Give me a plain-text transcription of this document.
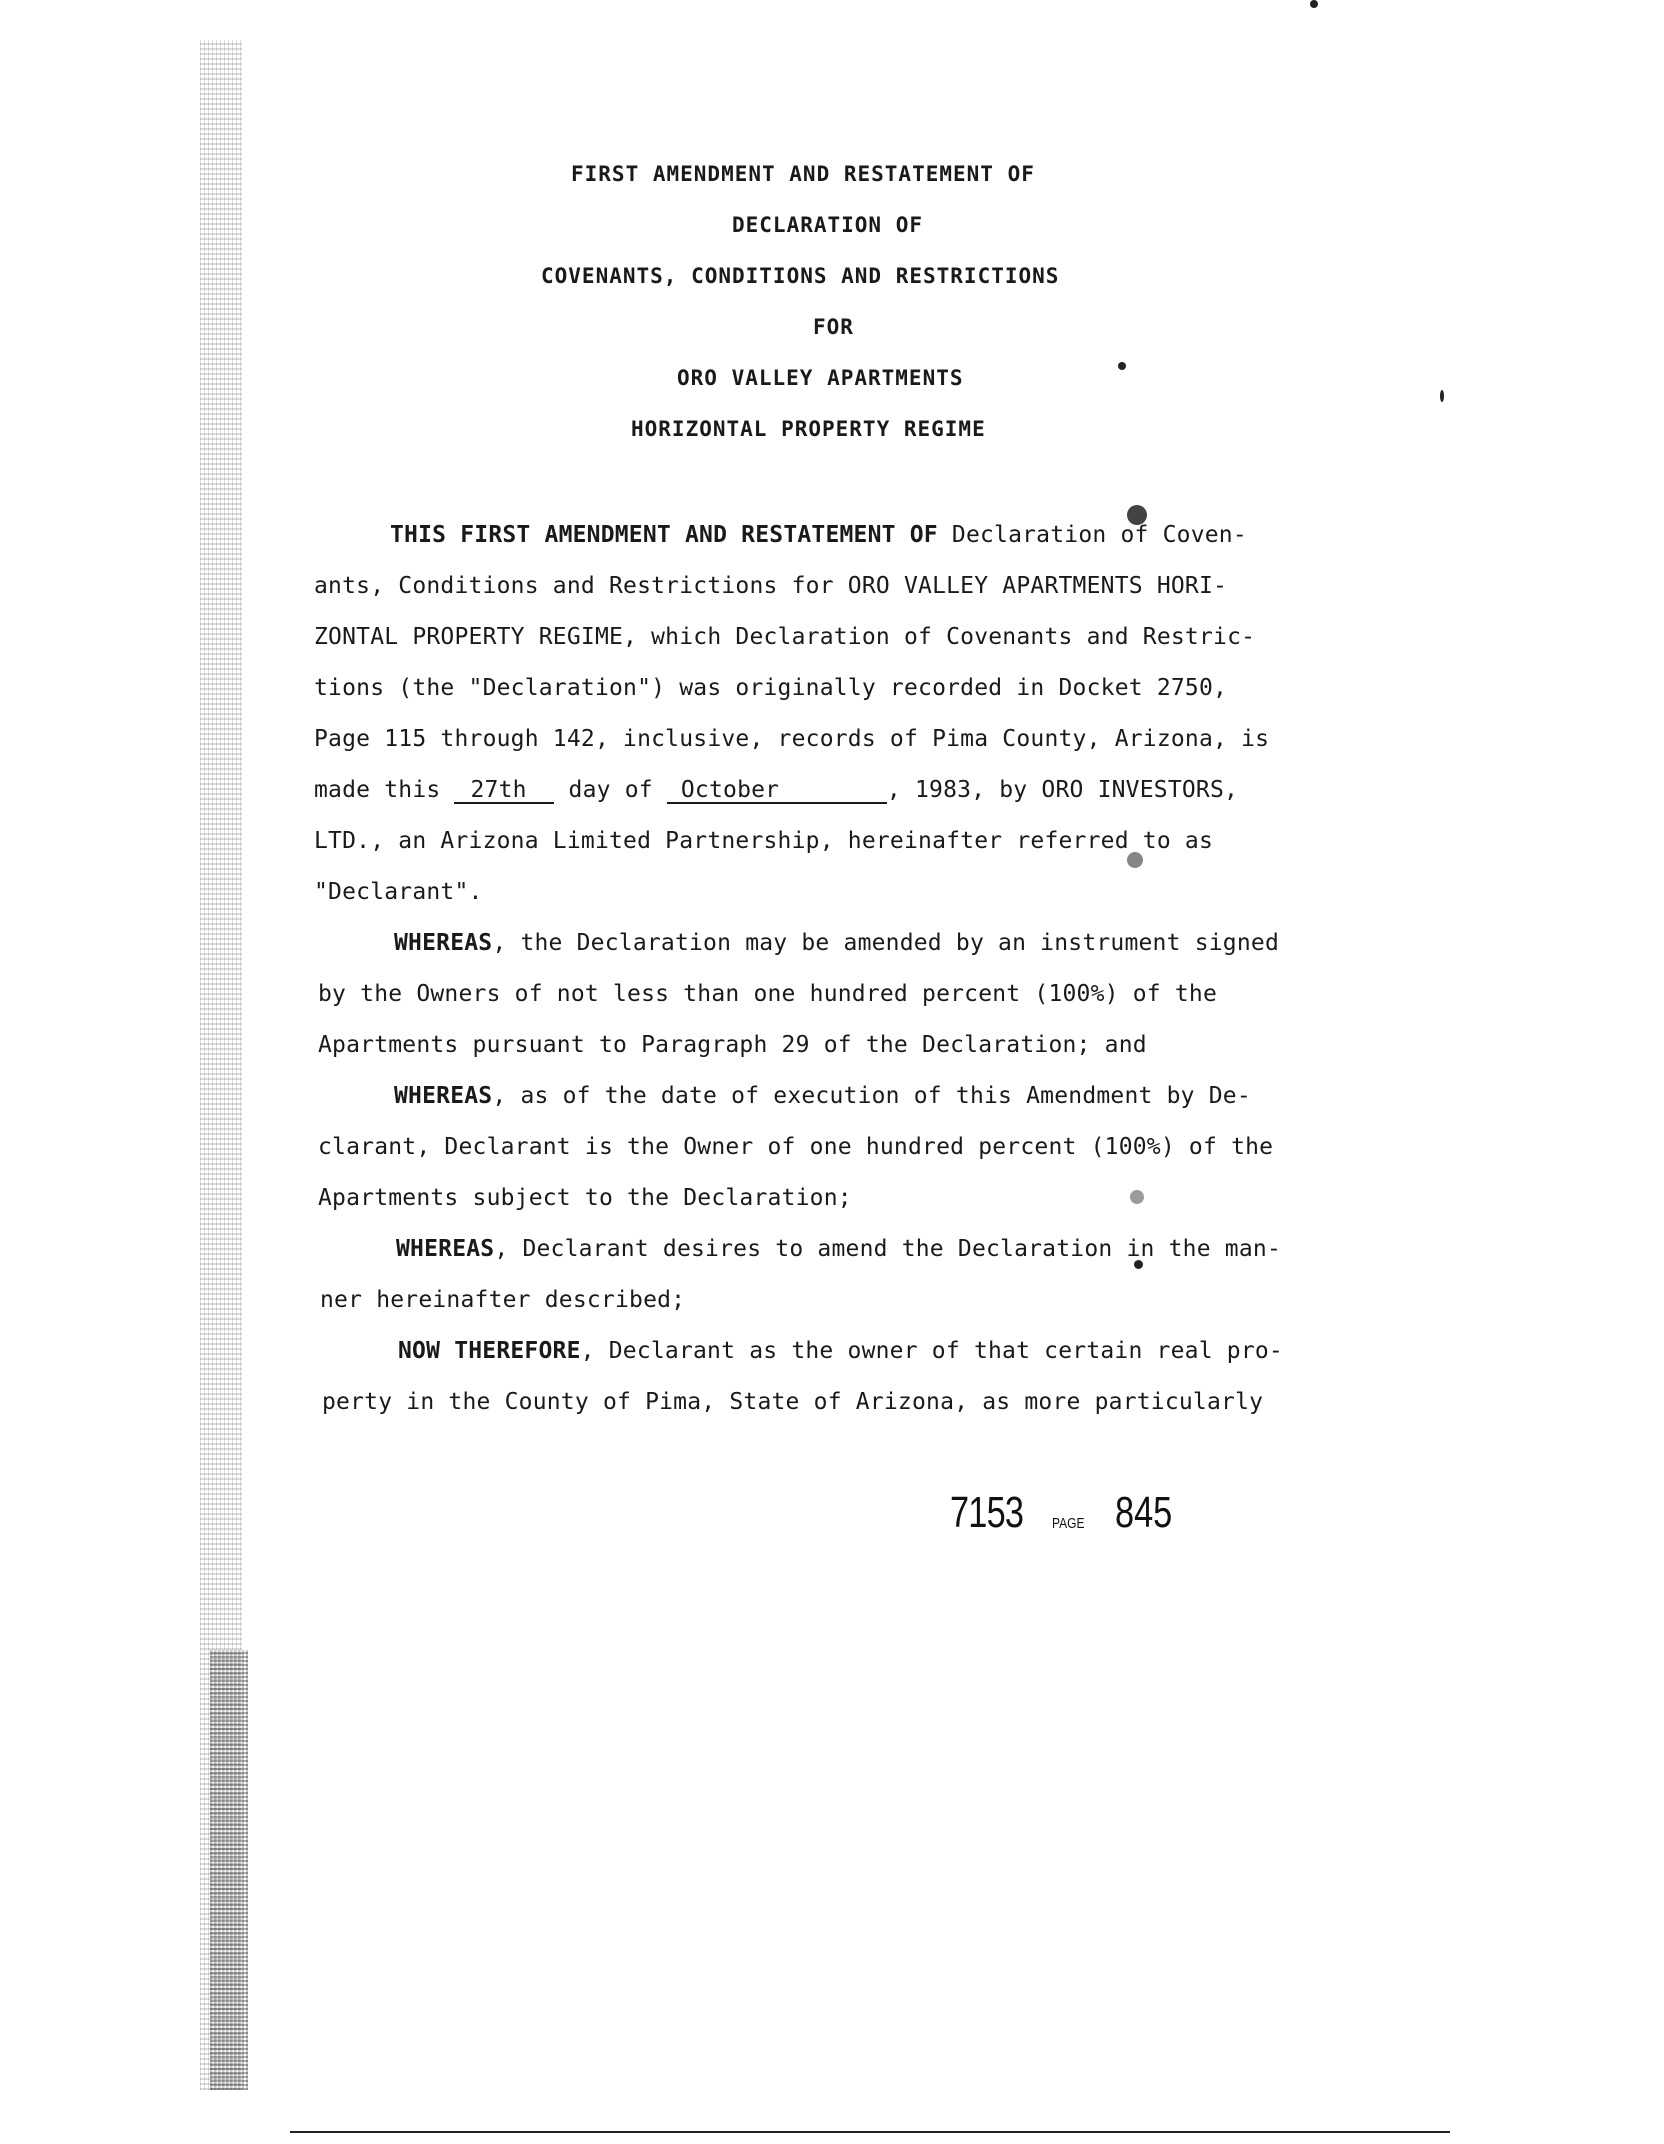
FIRST AMENDMENT AND RESTATEMENT OF
DECLARATION OF
COVENANTS, CONDITIONS AND RESTRICTIONS
FOR
ORO VALLEY APARTMENTS
HORIZONTAL PROPERTY REGIME
THIS FIRST AMENDMENT AND RESTATEMENT OF Declaration of Coven-
ants, Conditions and Restrictions for ORO VALLEY APARTMENTS HORI-
ZONTAL PROPERTY REGIME, which Declaration of Covenants and Restric-
tions (the "Declaration") was originally recorded in Docket 2750,
Page 115 through 142, inclusive, records of Pima County, Arizona, is
made this 27th day of October	, 1983, by ORO INVESTORS,
LTD., an Arizona Limited Partnership, hereinafter referred to as
"Declarant".
WHEREAS, the Declaration may be amended by an instrument signed
by the Owners of not less than one hundred percent (100%) of the
Apartments pursuant to Paragraph 29 of the Declaration; and
WHEREAS, as of the date of execution of this Amendment by De-
clarant, Declarant is the Owner of one hundred percent (100%) of the
Apartments subject to the Declaration;
WHEREAS, Declarant desires to amend the Declaration in the man-
ner hereinafter described;
NOW THEREFORE, Declarant as the owner of that certain real pro-
perty in the County of Pima, State of Arizona, as more particularly
7153 PAGE 845
